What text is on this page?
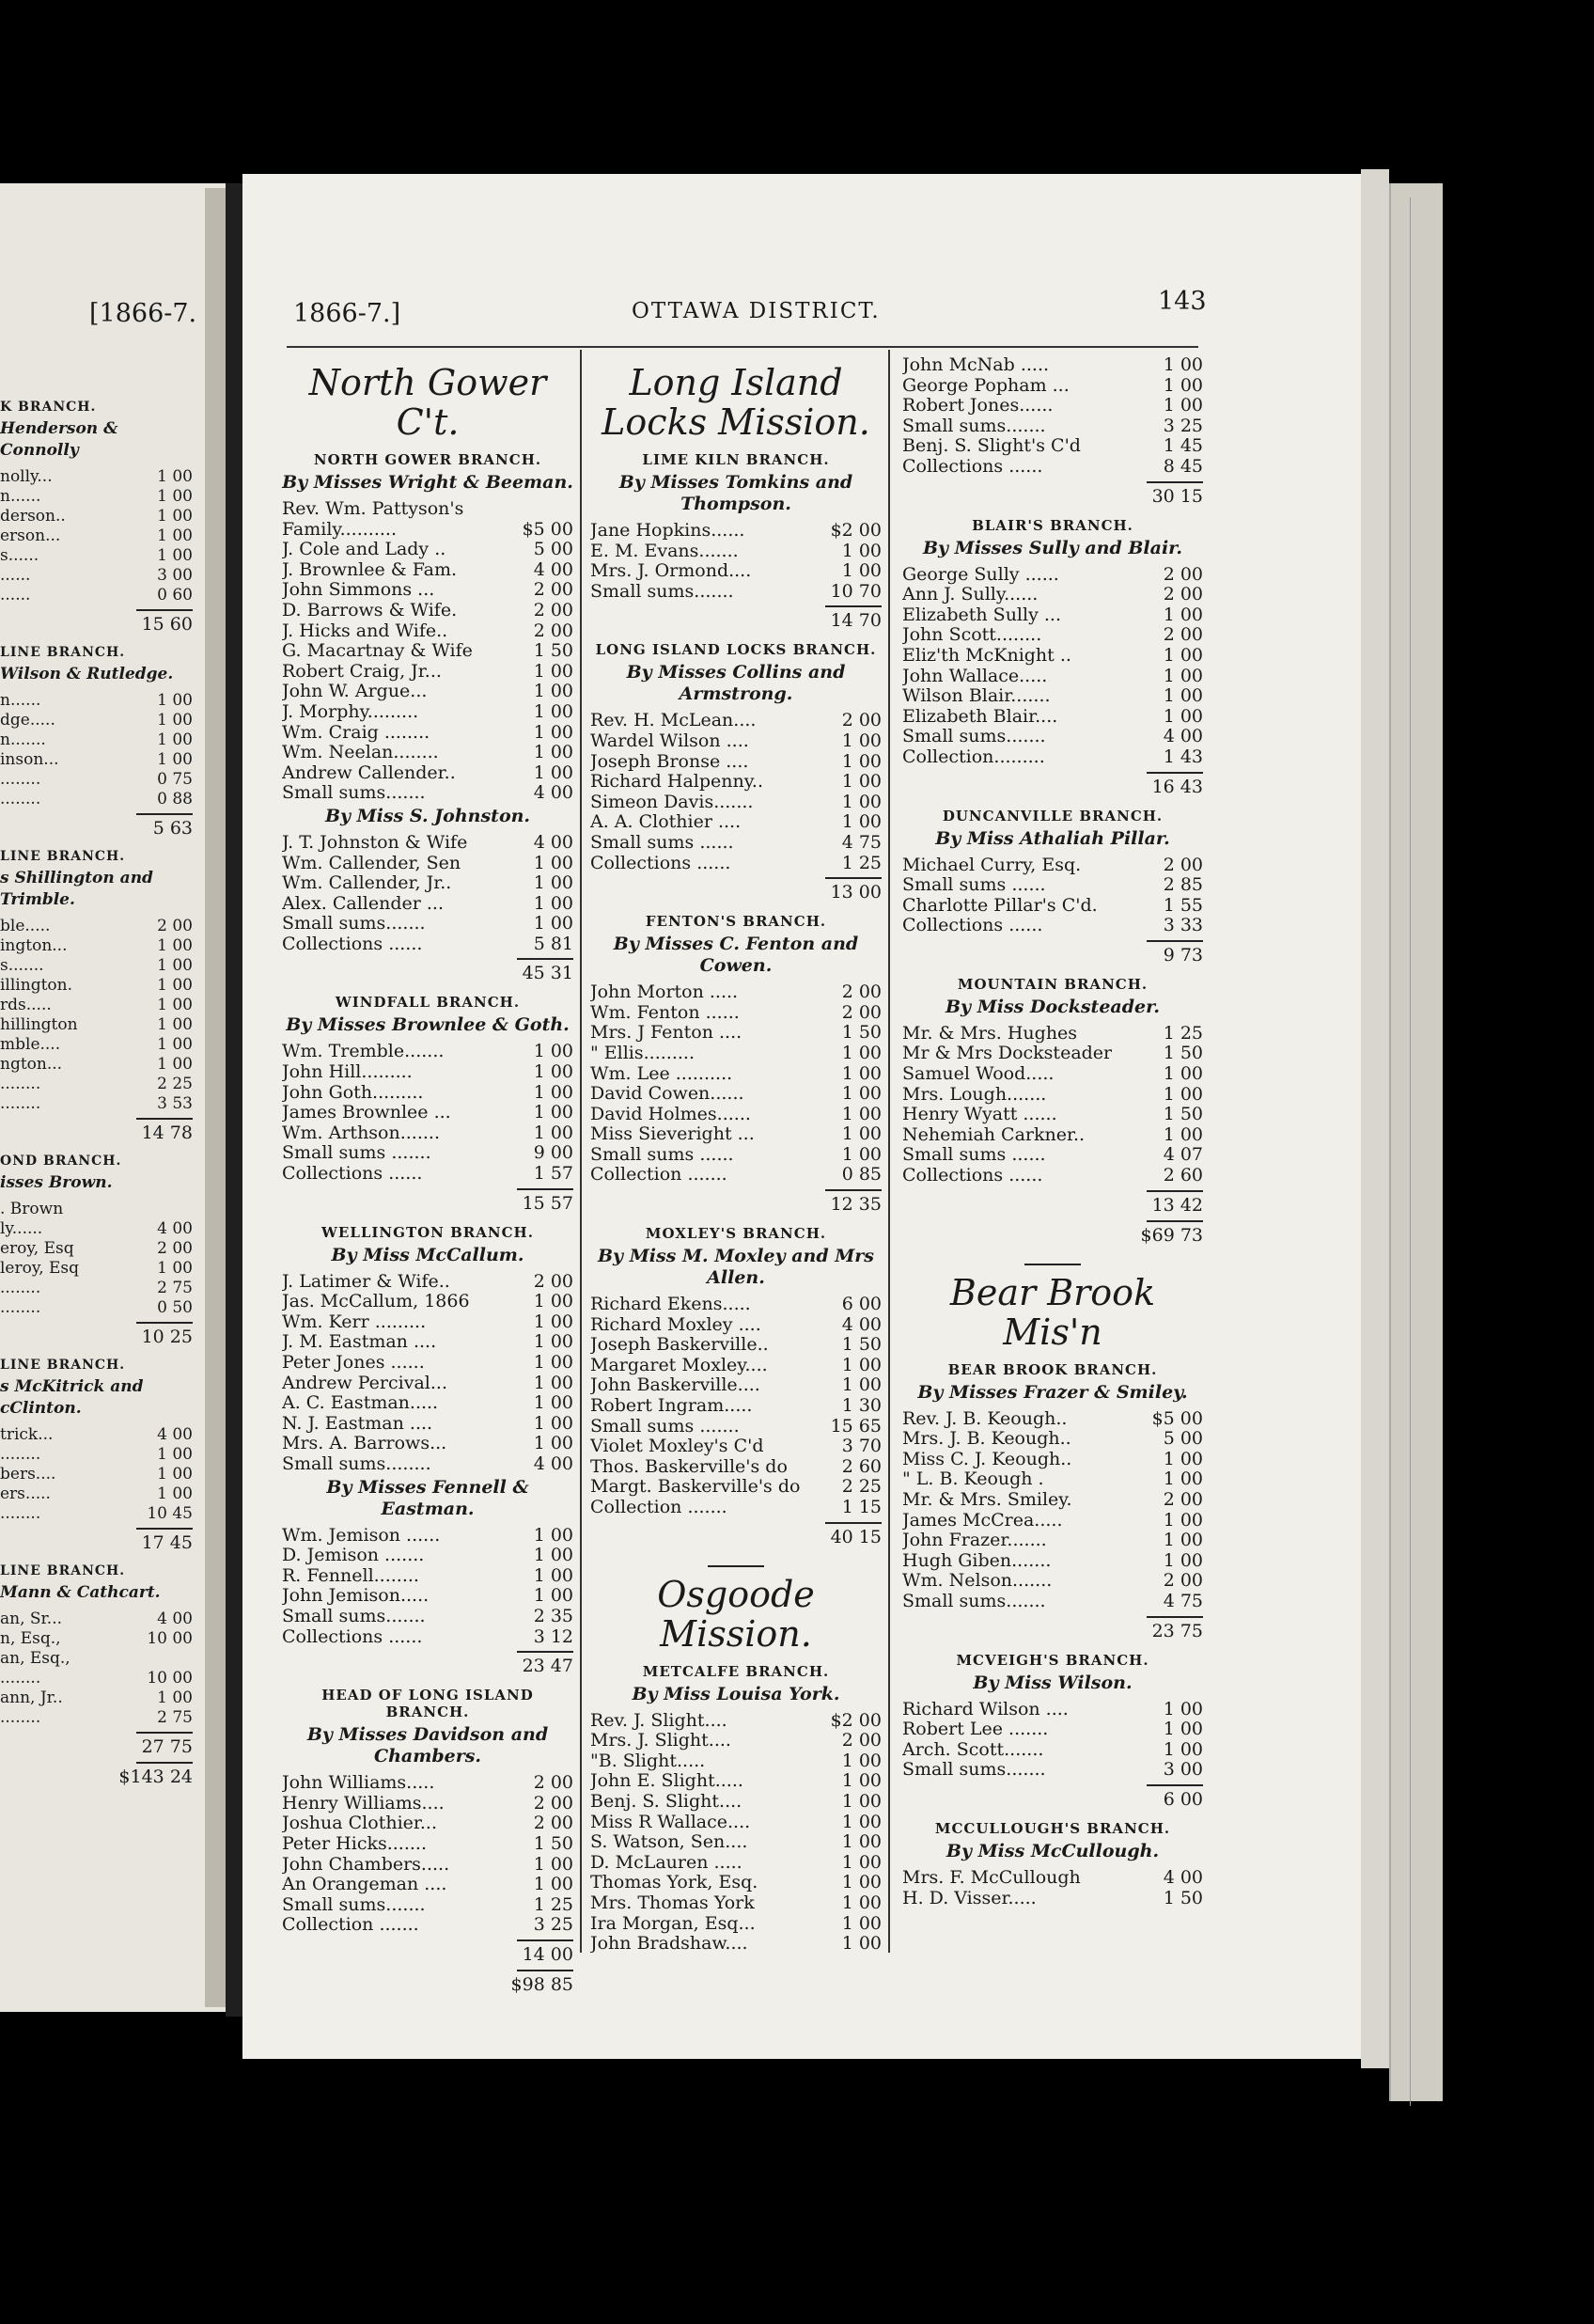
[1866-7.	1866-7.]	OTTAWA DISTRICT.	143
K BRANCH.
Henderson & Connolly
nolly...	1 00
n......	1 00
derson..	1 00
erson...	1 00
s......	1 00
......	3 00
......	0 60
15 60
LINE BRANCH.
Wilson & Rutledge.
n......	1 00
dge.....	1 00
n.......	1 00
inson...	1 00
........	0 75
........	0 88
5 63
LINE BRANCH.
s Shillington and Trimble.
ble.....	2 00
ington...	1 00
s.......	1 00
illington.	1 00
rds.....	1 00
hillington	1 00
mble....	1 00
ngton...	1 00
........	2 25
........	3 53
14 78
OND BRANCH.
isses Brown.
. Brown
ly......	4 00
eroy, Esq	2 00
leroy, Esq	1 00
........	2 75
........	0 50
10 25
LINE BRANCH.
s McKitrick and cClinton.
trick...	4 00
........	1 00
bers....	1 00
ers.....	1 00
........	10 45
17 45
LINE BRANCH.
Mann & Cathcart.
an, Sr...	4 00
n, Esq.,	10 00
an, Esq.,
........	10 00
ann, Jr..	1 00
........	2 75
27 75
$143 24
North Gower C't.
NORTH GOWER BRANCH.
By Misses Wright & Beeman.
Rev. Wm. Pattyson's
Family..........	$5 00
J. Cole and Lady ..	5 00
J. Brownlee & Fam.	4 00
John Simmons ...	2 00
D. Barrows & Wife.	2 00
J. Hicks and Wife..	2 00
G. Macartnay & Wife	1 50
Robert Craig, Jr...	1 00
John W. Argue...	1 00
J. Morphy.........	1 00
Wm. Craig ........	1 00
Wm. Neelan........	1 00
Andrew Callender..	1 00
Small sums.......	4 00
By Miss S. Johnston.
J. T. Johnston & Wife	4 00
Wm. Callender, Sen	1 00
Wm. Callender, Jr..	1 00
Alex. Callender ...	1 00
Small sums.......	1 00
Collections ......	5 81
45 31
WINDFALL BRANCH.
By Misses Brownlee & Goth.
Wm. Tremble.......	1 00
John Hill.........	1 00
John Goth.........	1 00
James Brownlee ...	1 00
Wm. Arthson.......	1 00
Small sums .......	9 00
Collections ......	1 57
15 57
WELLINGTON BRANCH.
By Miss McCallum.
J. Latimer & Wife..	2 00
Jas. McCallum, 1866	1 00
Wm. Kerr .........	1 00
J. M. Eastman ....	1 00
Peter Jones ......	1 00
Andrew Percival...	1 00
A. C. Eastman.....	1 00
N. J. Eastman ....	1 00
Mrs. A. Barrows...	1 00
Small sums........	4 00
By Misses Fennell & Eastman.
Wm. Jemison ......	1 00
D. Jemison .......	1 00
R. Fennell........	1 00
John Jemison.....	1 00
Small sums.......	2 35
Collections ......	3 12
23 47
HEAD OF LONG ISLAND BRANCH.
By Misses Davidson and Chambers.
John Williams.....	2 00
Henry Williams....	2 00
Joshua Clothier...	2 00
Peter Hicks.......	1 50
John Chambers.....	1 00
An Orangeman ....	1 00
Small sums.......	1 25
Collection .......	3 25
14 00
$98 85
Long Island Locks Mission.
LIME KILN BRANCH.
By Misses Tomkins and Thompson.
Jane Hopkins......	$2 00
E. M. Evans.......	1 00
Mrs. J. Ormond....	1 00
Small sums.......	10 70
14 70
LONG ISLAND LOCKS BRANCH.
By Misses Collins and Armstrong.
Rev. H. McLean....	2 00
Wardel Wilson ....	1 00
Joseph Bronse ....	1 00
Richard Halpenny..	1 00
Simeon Davis.......	1 00
A. A. Clothier ....	1 00
Small sums ......	4 75
Collections ......	1 25
13 00
FENTON'S BRANCH.
By Misses C. Fenton and Cowen.
John Morton .....	2 00
Wm. Fenton ......	2 00
Mrs. J Fenton ....	1 50
" Ellis.........	1 00
Wm. Lee ..........	1 00
David Cowen......	1 00
David Holmes......	1 00
Miss Sieveright ...	1 00
Small sums ......	1 00
Collection .......	0 85
12 35
MOXLEY'S BRANCH.
By Miss M. Moxley and Mrs Allen.
Richard Ekens.....	6 00
Richard Moxley ....	4 00
Joseph Baskerville..	1 50
Margaret Moxley....	1 00
John Baskerville....	1 00
Robert Ingram.....	1 30
Small sums .......	15 65
Violet Moxley's C'd	3 70
Thos. Baskerville's do	2 60
Margt. Baskerville's do	2 25
Collection .......	1 15
40 15
Osgoode Mission.
METCALFE BRANCH.
By Miss Louisa York.
Rev. J. Slight....	$2 00
Mrs. J. Slight....	2 00
"B. Slight.....	1 00
John E. Slight.....	1 00
Benj. S. Slight....	1 00
Miss R Wallace....	1 00
S. Watson, Sen....	1 00
D. McLauren .....	1 00
Thomas York, Esq.	1 00
Mrs. Thomas York	1 00
Ira Morgan, Esq...	1 00
John Bradshaw....	1 00
John McNab .....	1 00
George Popham ...	1 00
Robert Jones......	1 00
Small sums.......	3 25
Benj. S. Slight's C'd	1 45
Collections ......	8 45
30 15
BLAIR'S BRANCH.
By Misses Sully and Blair.
George Sully ......	2 00
Ann J. Sully......	2 00
Elizabeth Sully ...	1 00
John Scott........	2 00
Eliz'th McKnight ..	1 00
John Wallace.....	1 00
Wilson Blair.......	1 00
Elizabeth Blair....	1 00
Small sums.......	4 00
Collection.........	1 43
16 43
DUNCANVILLE BRANCH.
By Miss Athaliah Pillar.
Michael Curry, Esq.	2 00
Small sums ......	2 85
Charlotte Pillar's C'd.	1 55
Collections ......	3 33
9 73
MOUNTAIN BRANCH.
By Miss Docksteader.
Mr. & Mrs. Hughes	1 25
Mr & Mrs Docksteader	1 50
Samuel Wood.....	1 00
Mrs. Lough.......	1 00
Henry Wyatt ......	1 50
Nehemiah Carkner..	1 00
Small sums ......	4 07
Collections ......	2 60
13 42
$69 73
Bear Brook Mis'n
BEAR BROOK BRANCH.
By Misses Frazer & Smiley.
Rev. J. B. Keough..	$5 00
Mrs. J. B. Keough..	5 00
Miss C. J. Keough..	1 00
" L. B. Keough .	1 00
Mr. & Mrs. Smiley.	2 00
James McCrea.....	1 00
John Frazer.......	1 00
Hugh Giben.......	1 00
Wm. Nelson.......	2 00
Small sums.......	4 75
23 75
MCVEIGH'S BRANCH.
By Miss Wilson.
Richard Wilson ....	1 00
Robert Lee .......	1 00
Arch. Scott.......	1 00
Small sums.......	3 00
6 00
MCCULLOUGH'S BRANCH.
By Miss McCullough.
Mrs. F. McCullough	4 00
H. D. Visser.....	1 50
